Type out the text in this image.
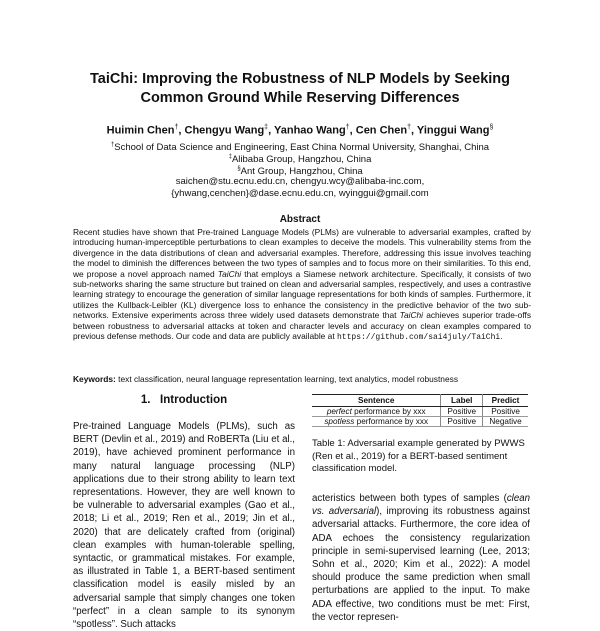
TaiChi: Improving the Robustness of NLP Models by Seeking
Common Ground While Reserving Differences
Huimin Chen†, Chengyu Wang‡, Yanhao Wang†, Cen Chen†, Yinggui Wang§
†School of Data Science and Engineering, East China Normal University, Shanghai, China
‡Alibaba Group, Hangzhou, China
§Ant Group, Hangzhou, China
saichen@stu.ecnu.edu.cn, chengyu.wcy@alibaba-inc.com,
{yhwang,cenchen}@dase.ecnu.edu.cn, wyinggui@gmail.com
Abstract
Recent studies have shown that Pre-trained Language Models (PLMs) are vulnerable to adversarial examples, crafted by introducing human-imperceptible perturbations to clean examples to deceive the models. This vulnerability stems from the divergence in the data distributions of clean and adversarial examples. Therefore, addressing this issue involves teaching the model to diminish the differences between the two types of samples and to focus more on their similarities. To this end, we propose a novel approach named TaiChi that employs a Siamese network architecture. Specifically, it consists of two sub-networks sharing the same structure but trained on clean and adversarial samples, respectively, and uses a contrastive learning strategy to encourage the generation of similar language representations for both kinds of samples. Furthermore, it utilizes the Kullback-Leibler (KL) divergence loss to enhance the consistency in the predictive behavior of the two sub-networks. Extensive experiments across three widely used datasets demonstrate that TaiChi achieves superior trade-offs between robustness to adversarial attacks at token and character levels and accuracy on clean examples compared to previous defense methods. Our code and data are publicly available at https://github.com/sai4july/TaiChi.
Keywords: text classification, neural language representation learning, text analytics, model robustness
1. Introduction

Pre-trained Language Models (PLMs), such as BERT (Devlin et al., 2019) and RoBERTa (Liu et al., 2019), have achieved prominent performance in many natural language processing (NLP) applications due to their strong ability to learn text representations. However, they are well known to be vulnerable to adversarial examples (Gao et al., 2018; Li et al., 2019; Ren et al., 2019; Jin et al., 2020) that are delicately crafted from (original) clean examples with human-tolerable spelling, syntactic, or grammatical mistakes. For example, as illustrated in Table 1, a BERT-based sentiment classification model is easily misled by an adversarial sample that simply changes one token “perfect” in a clean sample to its synonym “spotless”. Such attacks

Sentence	Label	Predict
perfect performance by xxx	Positive	Positive
spotless performance by xxx	Positive	Negative
Table 1: Adversarial example generated by PWWS (Ren et al., 2019) for a BERT-based sentiment classification model.
acteristics between both types of samples (clean vs. adversarial), improving its robustness against adversarial attacks. Furthermore, the core idea of ADA echoes the consistency regularization principle in semi-supervised learning (Lee, 2013; Sohn et al., 2020; Kim et al., 2022): A model should produce the same prediction when small perturbations are applied to the input. To make ADA effective, two conditions must be met: First, the vector represen-
